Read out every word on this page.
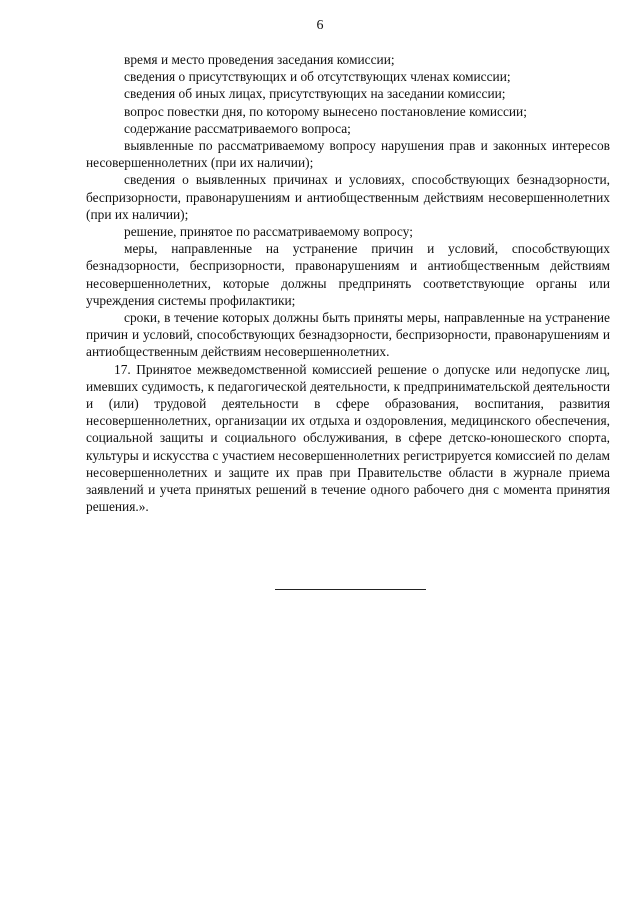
6

время и место проведения заседания комиссии;

сведения о присутствующих и об отсутствующих членах комиссии;

сведения об иных лицах, присутствующих на заседании комиссии;

вопрос повестки дня, по которому вынесено постановление комиссии;

содержание рассматриваемого вопроса;

выявленные по рассматриваемому вопросу нарушения прав и законных интересов несовершеннолетних (при их наличии);

сведения о выявленных причинах и условиях, способствующих безнадзорности, беспризорности, правонарушениям и антиобщественным действиям несовершеннолетних (при их наличии);

решение, принятое по рассматриваемому вопросу;

меры, направленные на устранение причин и условий, способствующих безнадзорности, беспризорности, правонарушениям и антиобщественным действиям несовершеннолетних, которые должны предпринять соответствующие органы или учреждения системы профилактики;

сроки, в течение которых должны быть приняты меры, направленные на устранение причин и условий, способствующих безнадзорности, беспризорности, правонарушениям и антиобщественным действиям несовершеннолетних.

17. Принятое межведомственной комиссией решение о допуске или недопуске лиц, имевших судимость, к педагогической деятельности, к предпринимательской деятельности и (или) трудовой деятельности в сфере образования, воспитания, развития несовершеннолетних, организации их отдыха и оздоровления, медицинского обеспечения, социальной защиты и социального обслуживания, в сфере детско-юношеского спорта, культуры и искусства с участием несовершеннолетних регистрируется комиссией по делам несовершеннолетних и защите их прав при Правительстве области в журнале приема заявлений и учета принятых решений в течение одного рабочего дня с момента принятия решения.».
